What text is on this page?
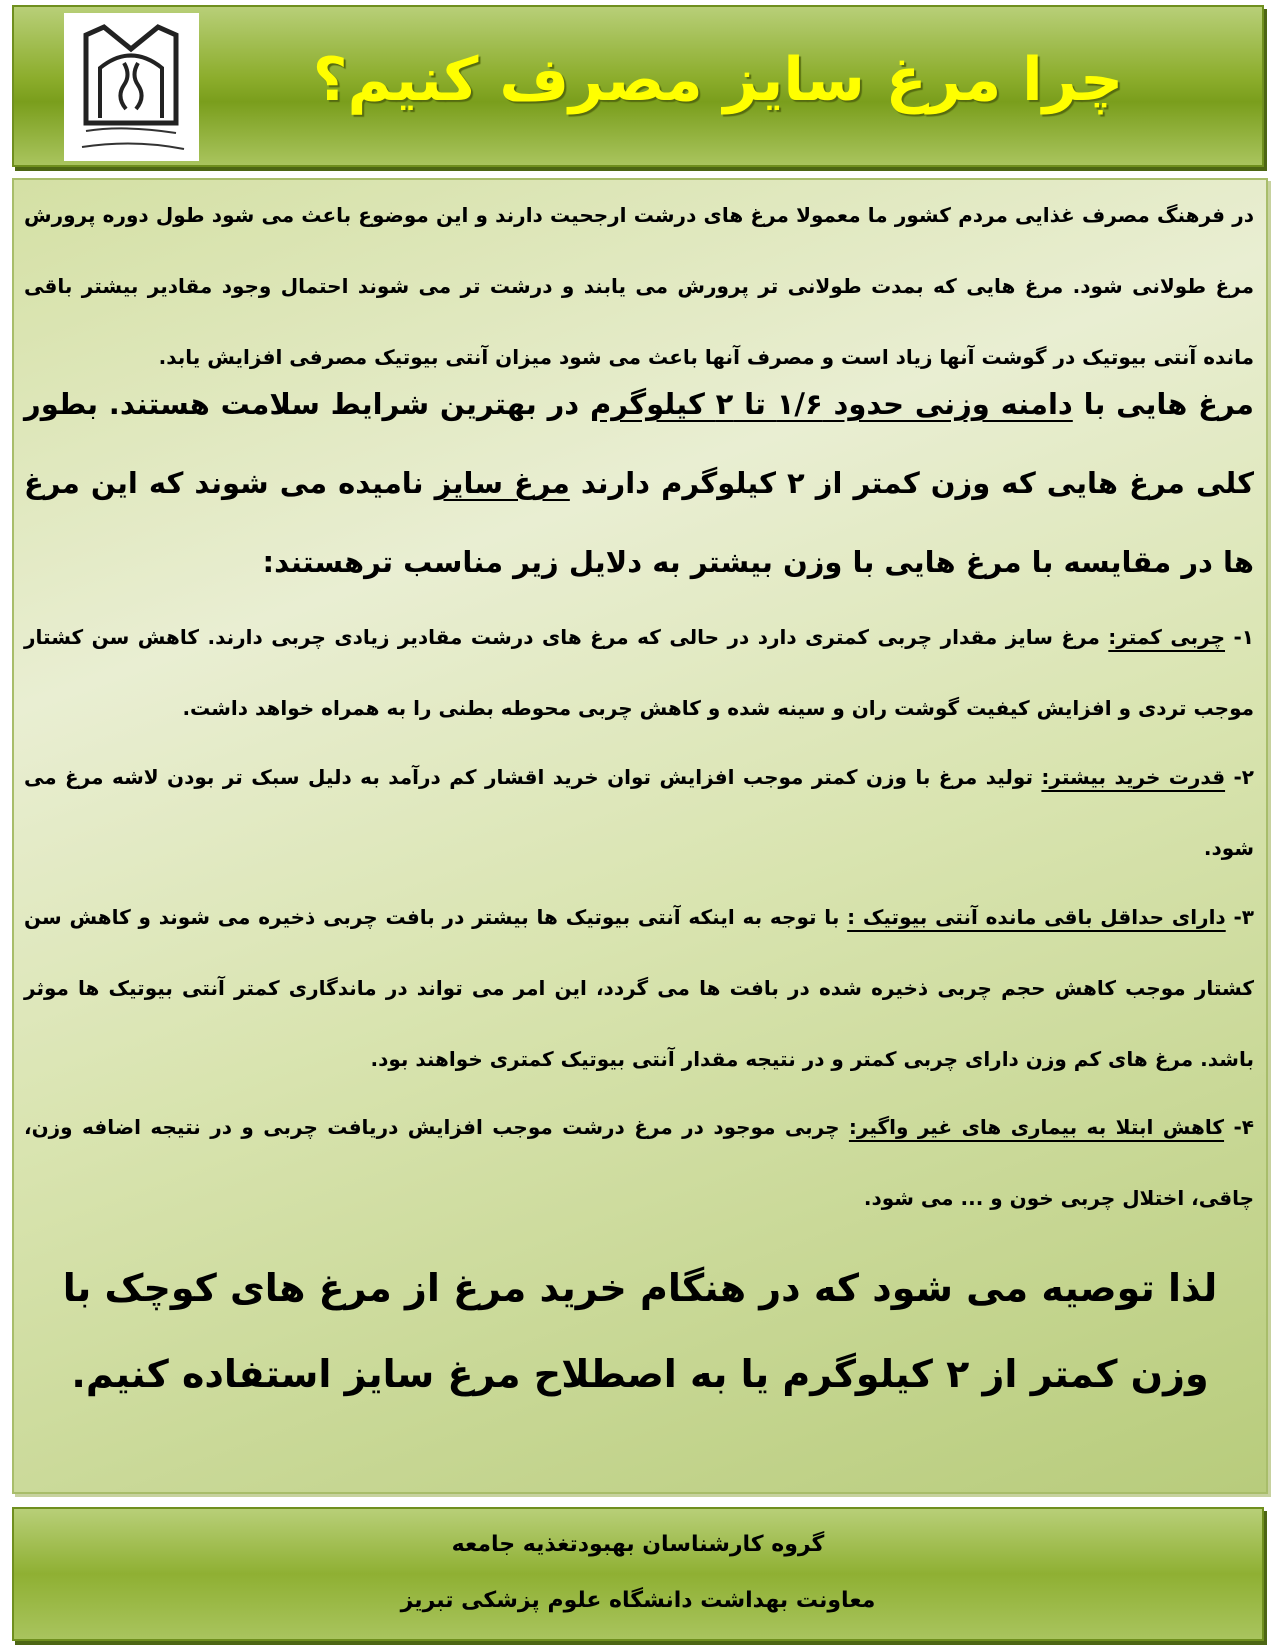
چرا مرغ سایز مصرف کنیم؟
در فرهنگ مصرف غذایی مردم کشور ما معمولا مرغ های درشت ارجحیت دارند و این موضوع باعث می شود طول دوره پرورش مرغ طولانی شود. مرغ هایی که بمدت طولانی تر پرورش می یابند و درشت تر می شوند احتمال وجود مقادیر بیشتر باقی مانده آنتی بیوتیک در گوشت آنها زیاد است و مصرف آنها باعث می شود میزان آنتی بیوتیک مصرفی افزایش یابد.
مرغ هایی با دامنه وزنی حدود ۱/۶ تا ۲ کیلوگرم در بهترین شرایط سلامت هستند. بطور کلی مرغ هایی که وزن کمتر از ۲ کیلوگرم دارند مرغ سایز نامیده می شوند که این مرغ ها در مقایسه با مرغ هایی با وزن بیشتر به دلایل زیر مناسب ترهستند:
۱- چربی کمتر: مرغ سایز مقدار چربی کمتری دارد در حالی که مرغ های درشت مقادیر زیادی چربی دارند. کاهش سن کشتار موجب تردی و افزایش کیفیت گوشت ران و سینه شده و کاهش چربی محوطه بطنی را به همراه خواهد داشت.
۲- قدرت خرید بیشتر: تولید مرغ با وزن کمتر موجب افزایش توان خرید اقشار کم درآمد به دلیل سبک تر بودن لاشه مرغ می شود.
۳- دارای حداقل باقی مانده آنتی بیوتیک : با توجه به اینکه آنتی بیوتیک ها بیشتر در بافت چربی ذخیره می شوند و کاهش سن کشتار موجب کاهش حجم چربی ذخیره شده در بافت ها می گردد، این امر می تواند در ماندگاری کمتر آنتی بیوتیک ها موثر باشد. مرغ های کم وزن دارای چربی کمتر و در نتیجه مقدار آنتی بیوتیک کمتری خواهند بود.
۴- کاهش ابتلا به بیماری های غیر واگیر: چربی موجود در مرغ درشت موجب افزایش دریافت چربی و در نتیجه اضافه وزن، چاقی، اختلال چربی خون و ... می شود.
لذا توصیه می شود که در هنگام خرید مرغ از مرغ های کوچک با وزن کمتر از ۲ کیلوگرم یا به اصطلاح مرغ سایز استفاده کنیم.
گروه کارشناسان بهبودتغذیه جامعه
معاونت بهداشت دانشگاه علوم پزشکی تبریز
